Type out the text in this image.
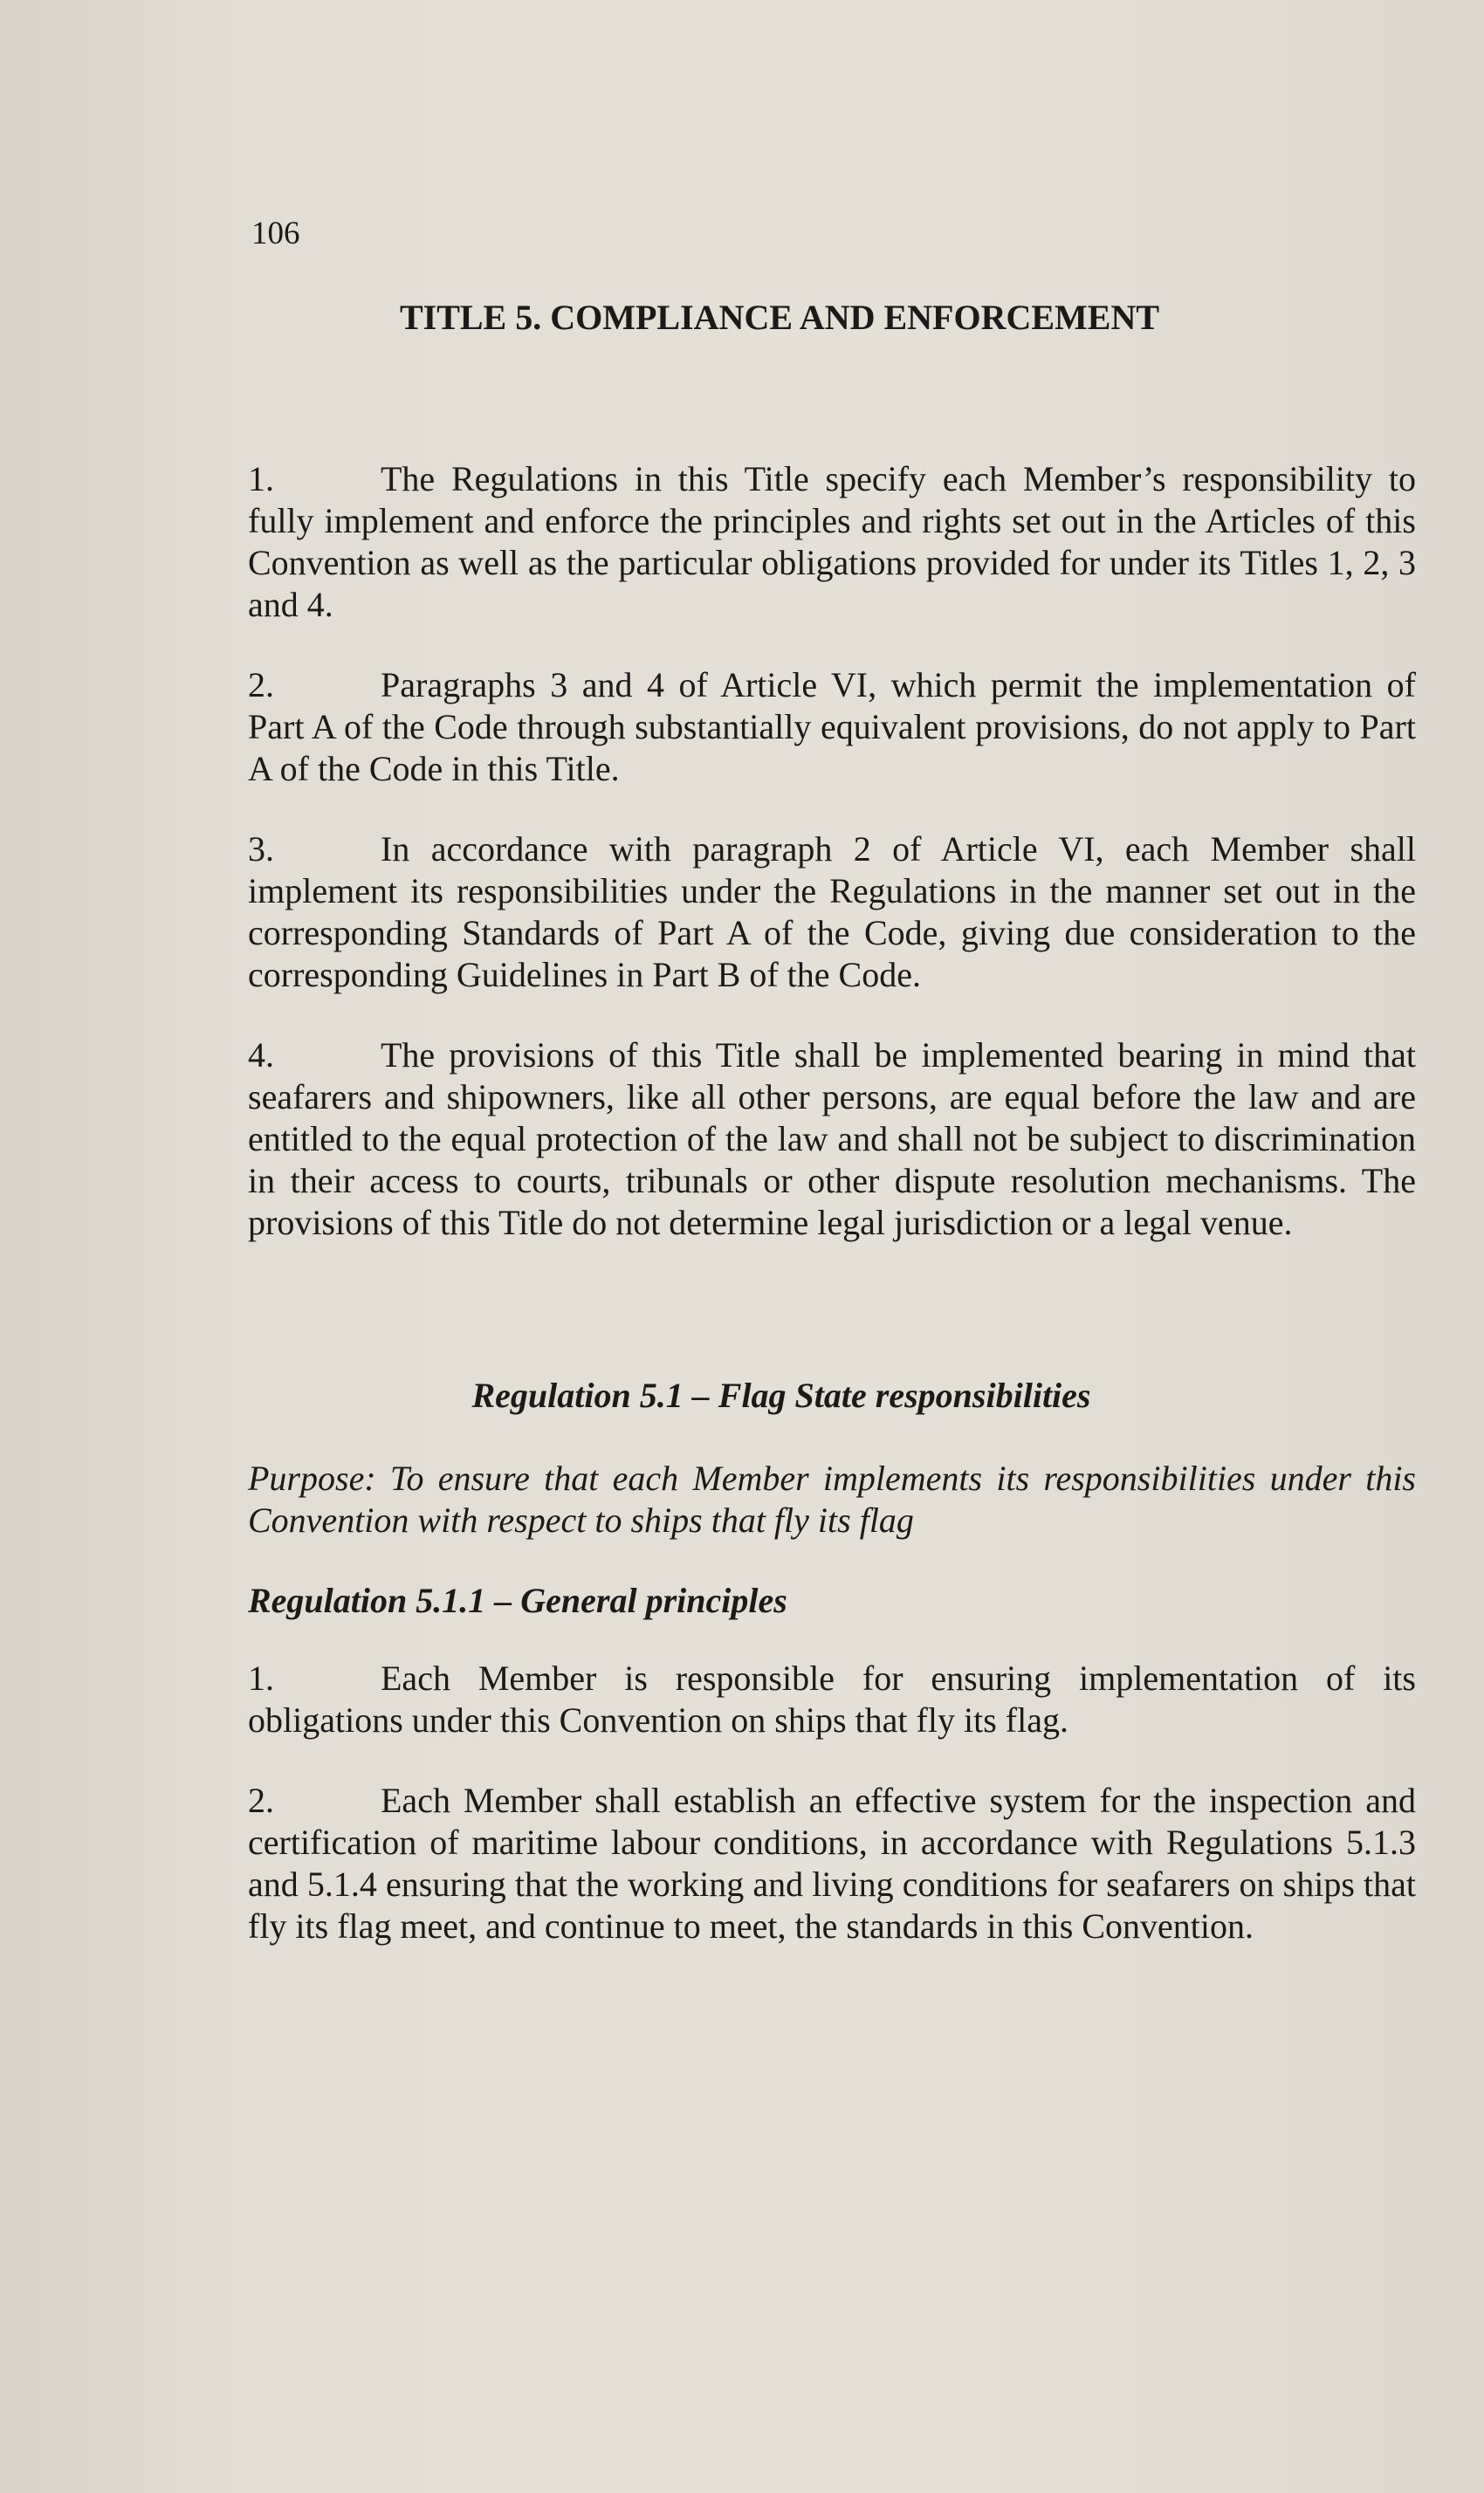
106
TITLE 5. COMPLIANCE AND ENFORCEMENT

1.	The Regulations in this Title specify each Member’s responsibility to fully implement and enforce the principles and rights set out in the Articles of this Convention as well as the particular obligations provided for under its Titles 1, 2, 3 and 4.

2.	Paragraphs 3 and 4 of Article VI, which permit the implementation of Part A of the Code through substantially equivalent provisions, do not apply to Part A of the Code in this Title.

3.	In accordance with paragraph 2 of Article VI, each Member shall implement its responsibilities under the Regulations in the manner set out in the corresponding Standards of Part A of the Code, giving due consideration to the corresponding Guidelines in Part B of the Code.

4.	The provisions of this Title shall be implemented bearing in mind that seafarers and shipowners, like all other persons, are equal before the law and are entitled to the equal protection of the law and shall not be subject to discrimination in their access to courts, tribunals or other dispute resolution mechanisms. The provisions of this Title do not determine legal jurisdiction or a legal venue.

Regulation 5.1 – Flag State responsibilities

Purpose: To ensure that each Member implements its responsibilities under this Convention with respect to ships that fly its flag

Regulation 5.1.1 – General principles

1.	Each Member is responsible for ensuring implementation of its obligations under this Convention on ships that fly its flag.

2.	Each Member shall establish an effective system for the inspection and certification of maritime labour conditions, in accordance with Regulations 5.1.3 and 5.1.4 ensuring that the working and living conditions for seafarers on ships that fly its flag meet, and continue to meet, the standards in this Convention.
